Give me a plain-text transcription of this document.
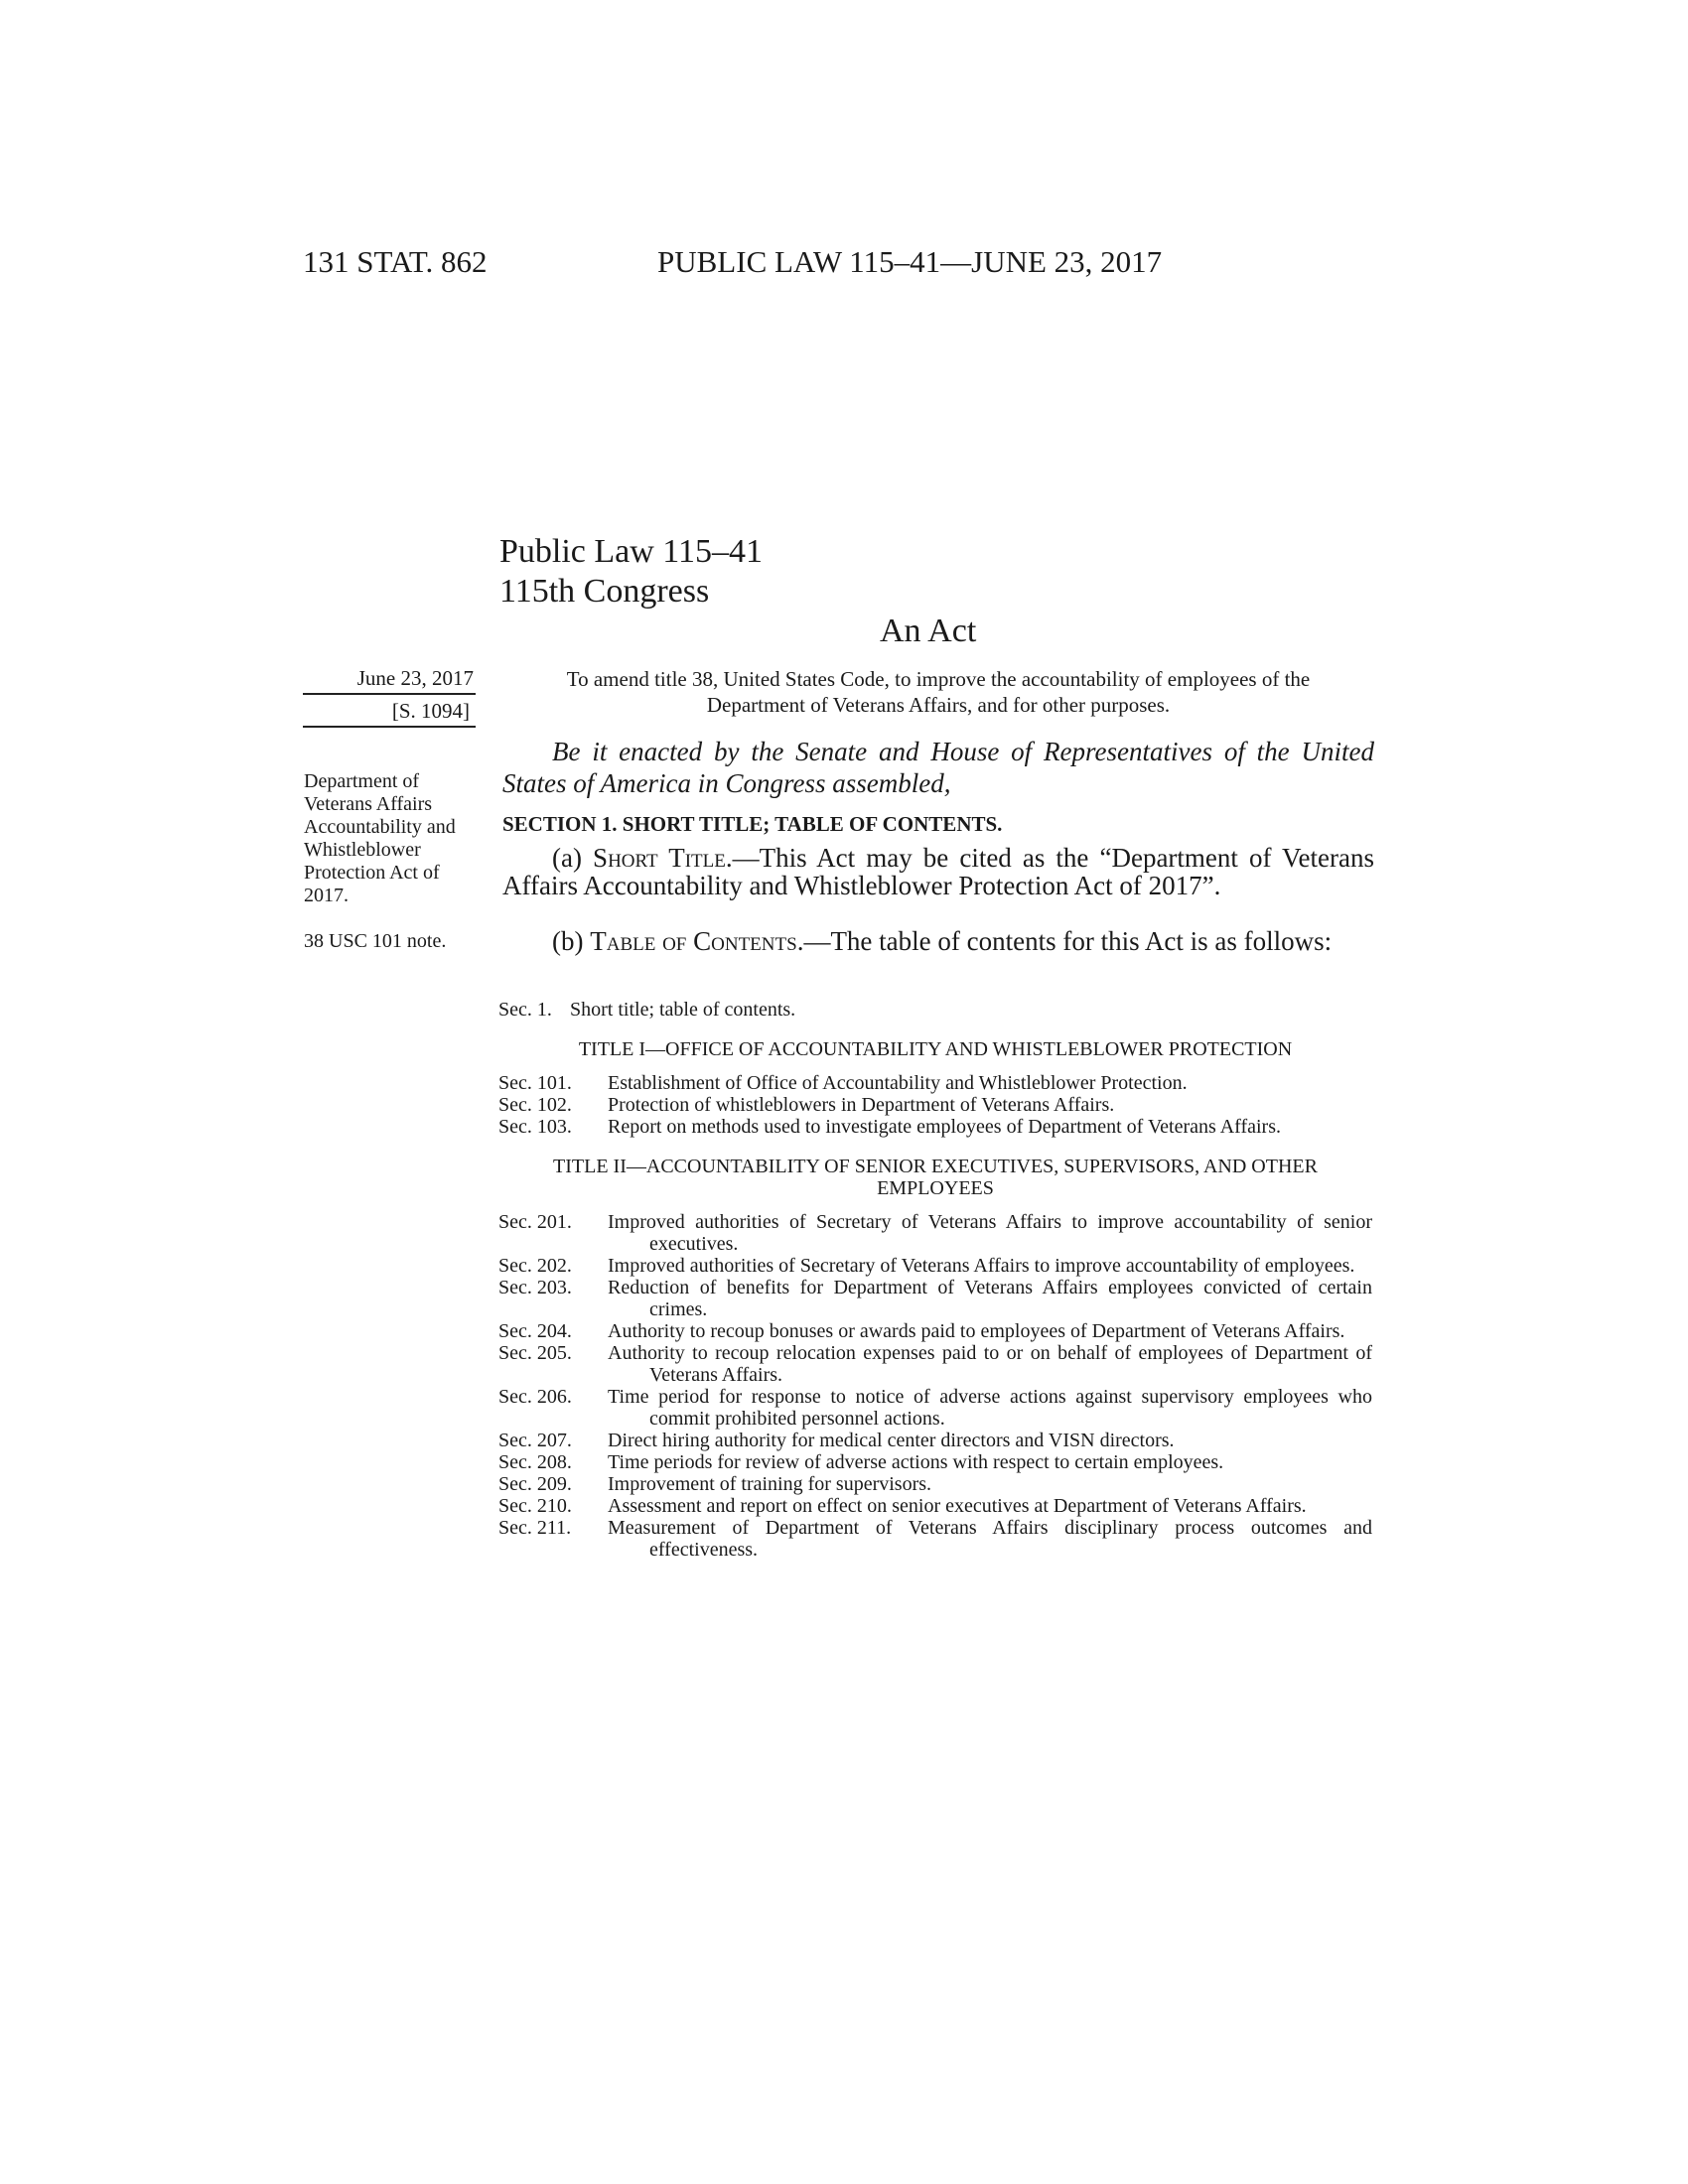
131 STAT. 862	PUBLIC LAW 115–41—JUNE 23, 2017
Public Law 115–41
115th Congress
An Act
June 23, 2017
[S. 1094]
Department of Veterans Affairs Accountability and Whistleblower Protection Act of 2017.
38 USC 101 note.
To amend title 38, United States Code, to improve the accountability of employees of the Department of Veterans Affairs, and for other purposes.
Be it enacted by the Senate and House of Representatives of the United States of America in Congress assembled,
SECTION 1. SHORT TITLE; TABLE OF CONTENTS.
(a) Short Title.—This Act may be cited as the “Department of Veterans Affairs Accountability and Whistleblower Protection Act of 2017”.
(b) Table of Contents.—The table of contents for this Act is as follows:
Sec. 1. Short title; table of contents.
TITLE I—OFFICE OF ACCOUNTABILITY AND WHISTLEBLOWER PROTECTION
Sec. 101.	Establishment of Office of Accountability and Whistleblower Protection.
Sec. 102.	Protection of whistleblowers in Department of Veterans Affairs.
Sec. 103.	Report on methods used to investigate employees of Department of Veterans Affairs.
TITLE II—ACCOUNTABILITY OF SENIOR EXECUTIVES, SUPERVISORS, AND OTHER EMPLOYEES
Sec. 201.	Improved authorities of Secretary of Veterans Affairs to improve accountability of senior executives.
Sec. 202.	Improved authorities of Secretary of Veterans Affairs to improve accountability of employees.
Sec. 203.	Reduction of benefits for Department of Veterans Affairs employees convicted of certain crimes.
Sec. 204.	Authority to recoup bonuses or awards paid to employees of Department of Veterans Affairs.
Sec. 205.	Authority to recoup relocation expenses paid to or on behalf of employees of Department of Veterans Affairs.
Sec. 206.	Time period for response to notice of adverse actions against supervisory employees who commit prohibited personnel actions.
Sec. 207.	Direct hiring authority for medical center directors and VISN directors.
Sec. 208.	Time periods for review of adverse actions with respect to certain employees.
Sec. 209.	Improvement of training for supervisors.
Sec. 210.	Assessment and report on effect on senior executives at Department of Veterans Affairs.
Sec. 211.	Measurement of Department of Veterans Affairs disciplinary process outcomes and effectiveness.
